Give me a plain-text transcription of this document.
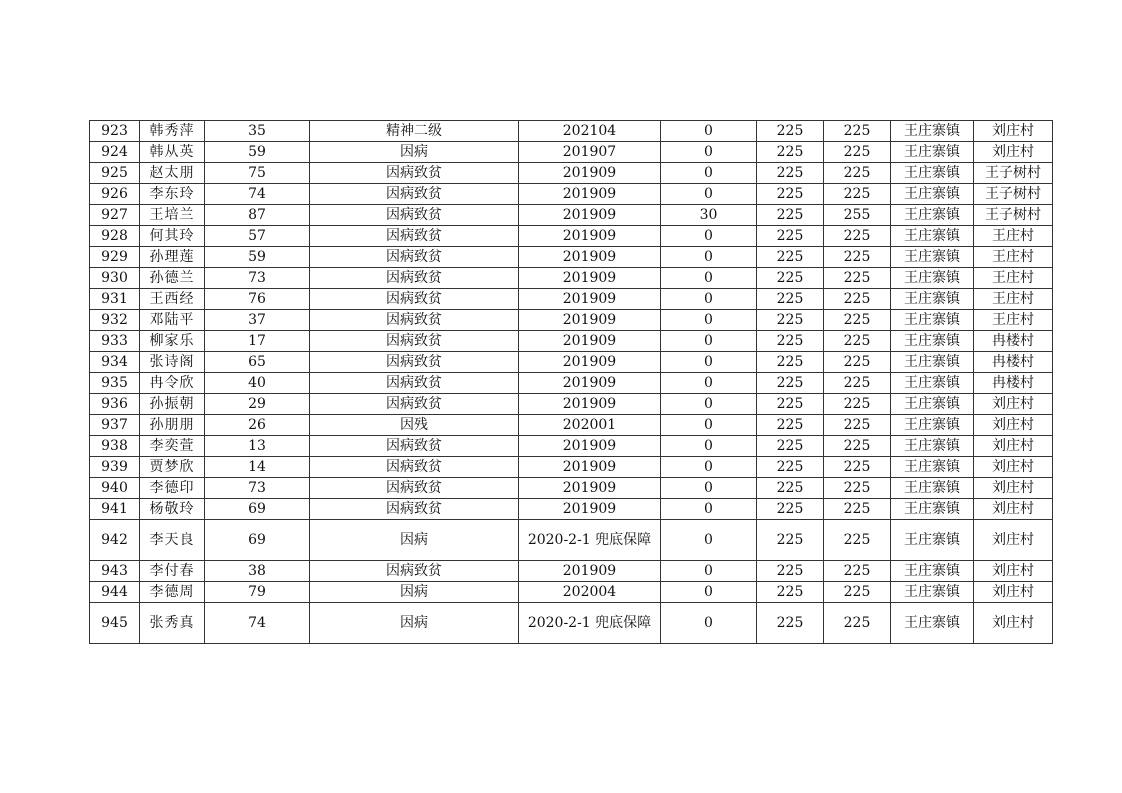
923	韩秀萍	35	精神二级	202104	0	225	225	王庄寨镇	刘庄村
924	韩从英	59	因病	201907	0	225	225	王庄寨镇	刘庄村
925	赵太朋	75	因病致贫	201909	0	225	225	王庄寨镇	王子树村
926	李东玲	74	因病致贫	201909	0	225	225	王庄寨镇	王子树村
927	王培兰	87	因病致贫	201909	30	225	255	王庄寨镇	王子树村
928	何其玲	57	因病致贫	201909	0	225	225	王庄寨镇	王庄村
929	孙理莲	59	因病致贫	201909	0	225	225	王庄寨镇	王庄村
930	孙德兰	73	因病致贫	201909	0	225	225	王庄寨镇	王庄村
931	王西经	76	因病致贫	201909	0	225	225	王庄寨镇	王庄村
932	邓陆平	37	因病致贫	201909	0	225	225	王庄寨镇	王庄村
933	柳家乐	17	因病致贫	201909	0	225	225	王庄寨镇	冉楼村
934	张诗阁	65	因病致贫	201909	0	225	225	王庄寨镇	冉楼村
935	冉令欣	40	因病致贫	201909	0	225	225	王庄寨镇	冉楼村
936	孙振朝	29	因病致贫	201909	0	225	225	王庄寨镇	刘庄村
937	孙朋朋	26	因残	202001	0	225	225	王庄寨镇	刘庄村
938	李奕萱	13	因病致贫	201909	0	225	225	王庄寨镇	刘庄村
939	贾梦欣	14	因病致贫	201909	0	225	225	王庄寨镇	刘庄村
940	李德印	73	因病致贫	201909	0	225	225	王庄寨镇	刘庄村
941	杨敬玲	69	因病致贫	201909	0	225	225	王庄寨镇	刘庄村
942	李天良	69	因病	2020-2-1 兜底保障	0	225	225	王庄寨镇	刘庄村
943	李付春	38	因病致贫	201909	0	225	225	王庄寨镇	刘庄村
944	李德周	79	因病	202004	0	225	225	王庄寨镇	刘庄村
945	张秀真	74	因病	2020-2-1 兜底保障	0	225	225	王庄寨镇	刘庄村
